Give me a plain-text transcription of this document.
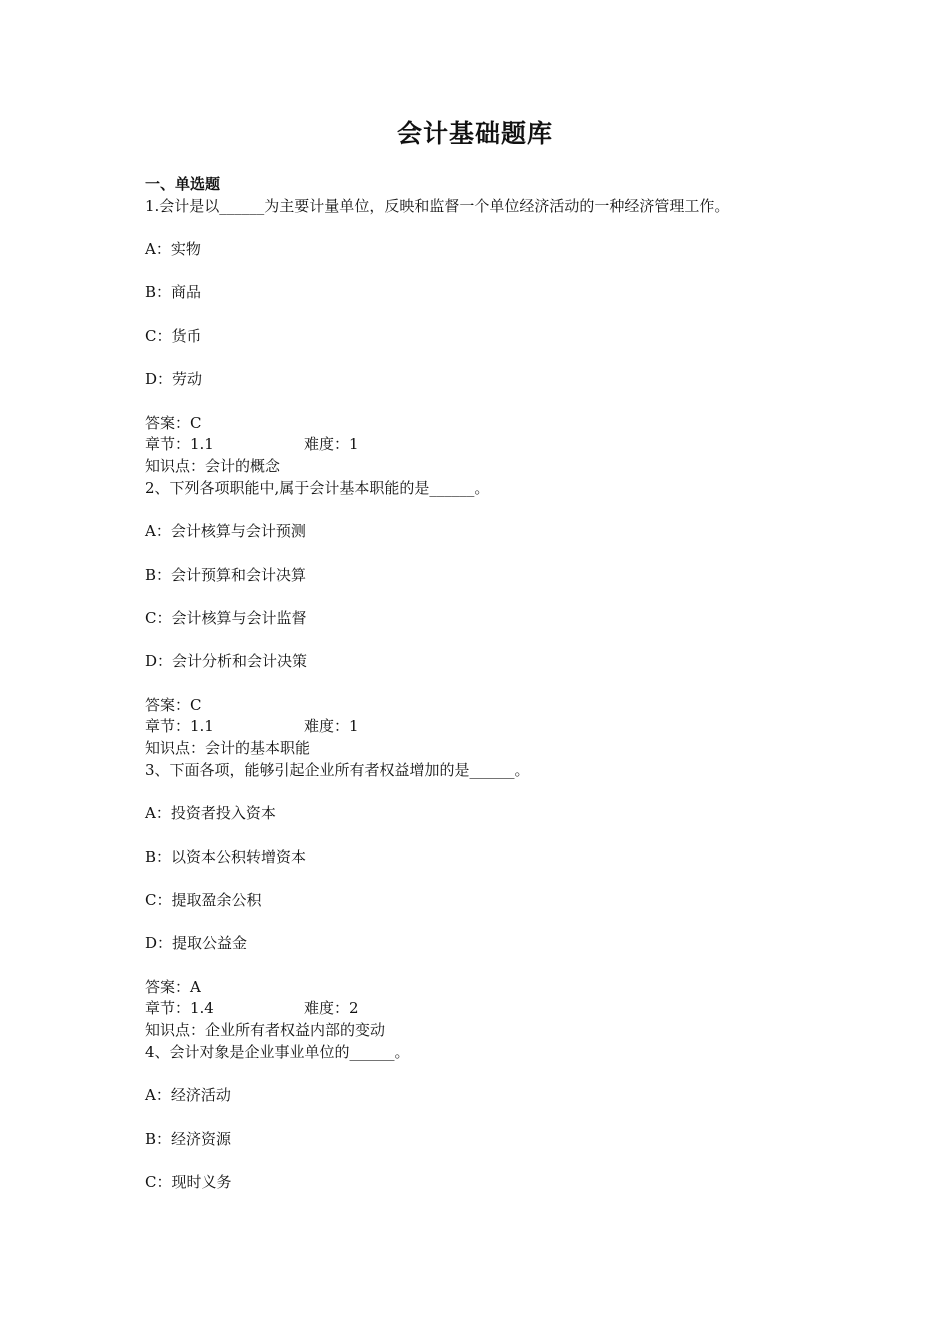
会计基础题库

一、单选题

1.会计是以______为主要计量单位，反映和监督一个单位经济活动的一种经济管理工作。

A：实物

B：商品

C：货币

D：劳动

答案：C

章节：1.1	难度：1

知识点：会计的概念

2、下列各项职能中,属于会计基本职能的是______。

A：会计核算与会计预测

B：会计预算和会计决算

C：会计核算与会计监督

D：会计分析和会计决策

答案：C

章节：1.1	难度：1

知识点：会计的基本职能

3、下面各项，能够引起企业所有者权益增加的是______。

A：投资者投入资本

B：以资本公积转增资本

C：提取盈余公积

D：提取公益金

答案：A

章节：1.4	难度：2

知识点：企业所有者权益内部的变动

4、会计对象是企业事业单位的______。

A：经济活动

B：经济资源

C：现时义务
